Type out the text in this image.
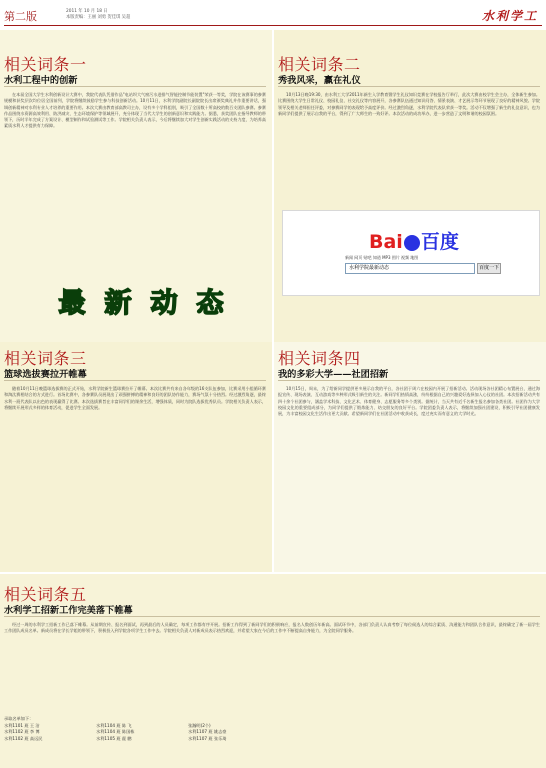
第二版	2011 年 10 月 18 日
本版责编：王丽 刘勇 贺佳琪 吴超	水利学工
相关词条一
水利工程中的创新
在本届全国大学生水利创新设计大赛中，我院代表队凭借作品"电站坝大气窗污水进排气智能控制节能装置"荣获一等奖，学院在该赛事的参赛规模和获奖层次均位居全国前列，学院将继续鼓励学生参与科技创新活动。10月11日，水利学院副院长副院院长出席颁奖典礼并作重要讲话，强调创新精神对水利专业人才培养的重要作用。本次大赛由教育部高教司主办，设有多个学科组别，吸引了全国数十所高校的数百支团队参赛。参赛作品围绕水资源高效利用、防洪减灾、生态环境保护等领域展开，充分体现了当代大学生的创新意识和实践能力。据悉，获奖团队在指导教师的带领下，历时半年完成了方案设计、模型制作和试验测试等工作。学院相关负责人表示，今后将继续加大对学生创新实践活动的支持力度，为培养高素质水利人才提供有力保障。
相关词条二
秀我风采，赢在礼仪
10月13日晚19:30，由水利工大学2011年新生入学教育暨学生礼仪知识竞赛在学校报告厅举行，此次大赛由校学生会主办，全体新生参加。比赛围绕大学生日常礼仪、校园礼仪、社交礼仪等内容展开，各参赛队伍通过知识问答、情景表演、才艺展示等环节展现了良好的精神风貌。学院领导及相关老师担任评委，对参赛同学的表现给予高度评价。经过激烈角逐，水利学院代表队荣获一等奖。活动不仅增强了新生的礼仪意识，也为新同学们提供了展示自我的平台，得到了广大师生的一致好评。本次活动的成功举办，进一步营造了文明和谐的校园氛围。
Bai 百度
新闻 网页 贴吧 知道 MP3 图片 视频 地图
水利学院最新动态	百度一下
最 新 动 态
相关词条三
篮球选拔赛拉开帷幕
随着10月11日晚篮球选拔赛的正式开始，水利学院新生篮球赛拉开了帷幕。本次比赛共有来自各年级的16支队伍参加，比赛采用小组循环赛和淘汰赛相结合的方式进行。首场比赛中，各参赛队员展现出了顽强拼搏的精神和良好的团队协作能力，赛场气氛十分热烈。经过激烈角逐，最终水利一班代表队以出色的表现赢得了比赛。本次选拔赛旨在丰富同学们的课余生活，增强体质，同时为院队选拔优秀队员。学院相关负责人表示，将继续开展形式多样的体育活动，促进学生全面发展。
相关词条四
我的多彩大学——社团招新
10月15日，周末，为了给新同学提供更多展示自我的平台，各社团于周六在校园内开展了招新活动。活动现场各社团精心布置展台，通过海报宣传、现场表演、互动游戏等多种形式吸引新生的关注。新同学们热情高涨，纷纷根据自己的兴趣爱好选择加入心仪的社团。本次招新活动共有四十余个社团参与，涵盖学术科技、文化艺术、体育健身、志愿服务等多个类别。据统计，当天共有近千名新生报名参加各类社团。社团作为大学校园文化的重要组成部分，为同学们提供了锻炼能力、结交朋友的良好平台。学院团委负责人表示，将继续加强社团建设，积极引导社团健康发展，为丰富校园文化生活作出更大贡献。希望新同学们在社团活动中收获成长，度过充实而有意义的大学时光。
相关词条五
水利学工招新工作完美落下帷幕
经过一周的水利学工招新工作已落下帷幕。从前期宣传、报名到面试，再到最后的人员确定，每项工作都有序开展。招新工作得到了新同学们的积极响应，报名人数创历年新高。面试环节中，各部门负责人认真考察了每位候选人的综合素质、沟通能力和团队合作意识，最终确定了新一届学生工作团队成员名单。新成员将在学长学姐的带领下，积极投入到学院各项学生工作中去。学院相关负责人对新成员表示热烈欢迎，并希望大家在今后的工作中不断提高自身能力，为全院同学服务。
录取名单如下：
水利1101 班 王 洁	水利1104 班 陈 飞	张瀚明(2个)
水利1102 班 李 博	水利1104 班 陈国栋	水利1107 班 姚志豪
水利1102 班 高远民	水利1105 班 霍 鹏	水利1107 班 张乐琦
